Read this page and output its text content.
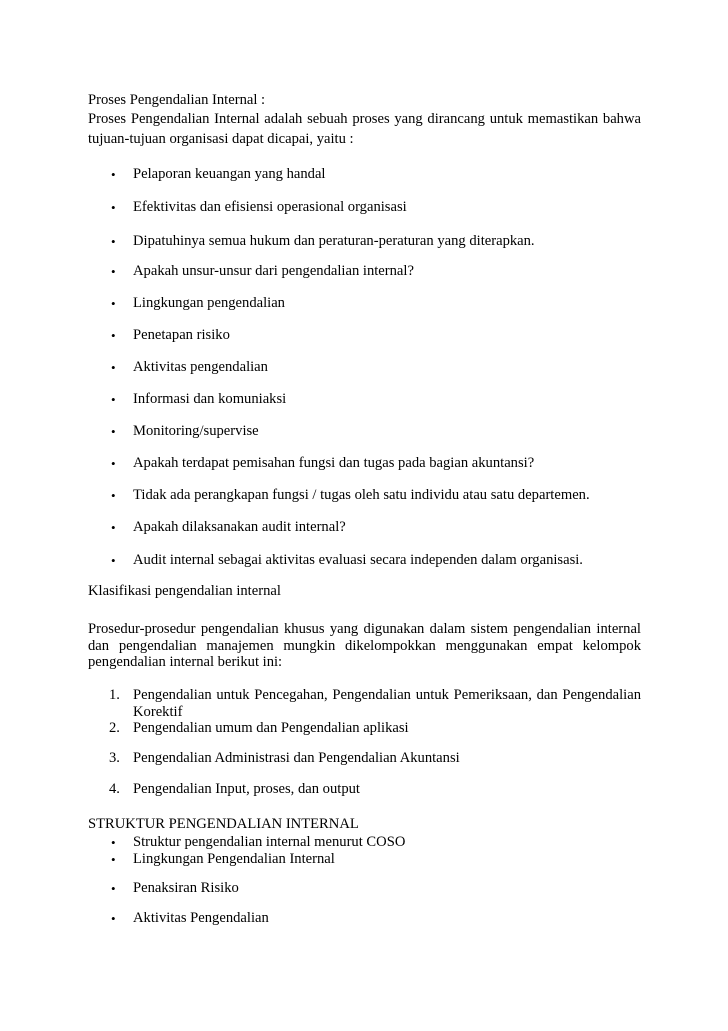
Proses Pengendalian Internal :
Proses Pengendalian Internal adalah sebuah proses yang dirancang untuk memastikan bahwa
tujuan-tujuan organisasi dapat dicapai, yaitu :
• Pelaporan keuangan yang handal
• Efektivitas dan efisiensi operasional organisasi
• Dipatuhinya semua hukum dan peraturan-peraturan yang diterapkan.
• Apakah unsur-unsur dari pengendalian internal?
• Lingkungan pengendalian
• Penetapan risiko
• Aktivitas pengendalian
• Informasi dan komuniaksi
• Monitoring/supervise
• Apakah terdapat pemisahan fungsi dan tugas pada bagian akuntansi?
• Tidak ada perangkapan fungsi / tugas oleh satu individu atau satu departemen.
• Apakah dilaksanakan audit internal?
• Audit internal sebagai aktivitas evaluasi secara independen dalam organisasi.
Klasifikasi pengendalian internal
Prosedur-prosedur pengendalian khusus yang digunakan dalam sistem pengendalian internal
dan pengendalian manajemen mungkin dikelompokkan menggunakan empat kelompok
pengendalian internal berikut ini:
1. Pengendalian untuk Pencegahan, Pengendalian untuk Pemeriksaan, dan Pengendalian
Korektif
2. Pengendalian umum dan Pengendalian aplikasi
3. Pengendalian Administrasi dan Pengendalian Akuntansi
4. Pengendalian Input, proses, dan output
STRUKTUR PENGENDALIAN INTERNAL
• Struktur pengendalian internal menurut COSO
• Lingkungan Pengendalian Internal
• Penaksiran Risiko
• Aktivitas Pengendalian
